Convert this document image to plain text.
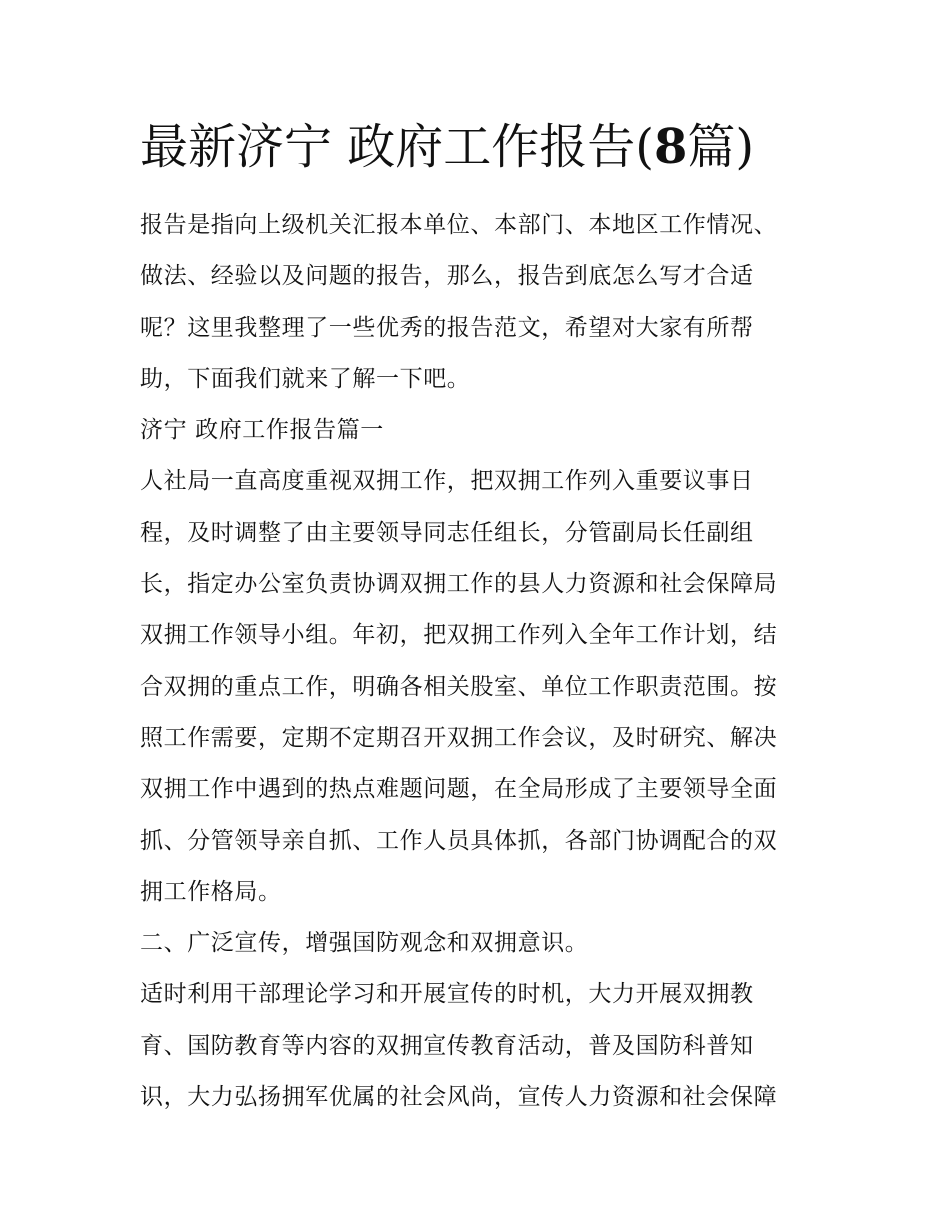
最新济宁 政府工作报告(8篇)

报告是指向上级机关汇报本单位、本部门、本地区工作情况、

做法、经验以及问题的报告，那么，报告到底怎么写才合适

呢？这里我整理了一些优秀的报告范文，希望对大家有所帮

助，下面我们就来了解一下吧。

济宁 政府工作报告篇一

人社局一直高度重视双拥工作，把双拥工作列入重要议事日

程，及时调整了由主要领导同志任组长，分管副局长任副组

长，指定办公室负责协调双拥工作的县人力资源和社会保障局

双拥工作领导小组。年初，把双拥工作列入全年工作计划，结

合双拥的重点工作，明确各相关股室、单位工作职责范围。按

照工作需要，定期不定期召开双拥工作会议，及时研究、解决

双拥工作中遇到的热点难题问题，在全局形成了主要领导全面

抓、分管领导亲自抓、工作人员具体抓，各部门协调配合的双

拥工作格局。

二、广泛宣传，增强国防观念和双拥意识。

适时利用干部理论学习和开展宣传的时机，大力开展双拥教

育、国防教育等内容的双拥宣传教育活动，普及国防科普知

识，大力弘扬拥军优属的社会风尚，宣传人力资源和社会保障
